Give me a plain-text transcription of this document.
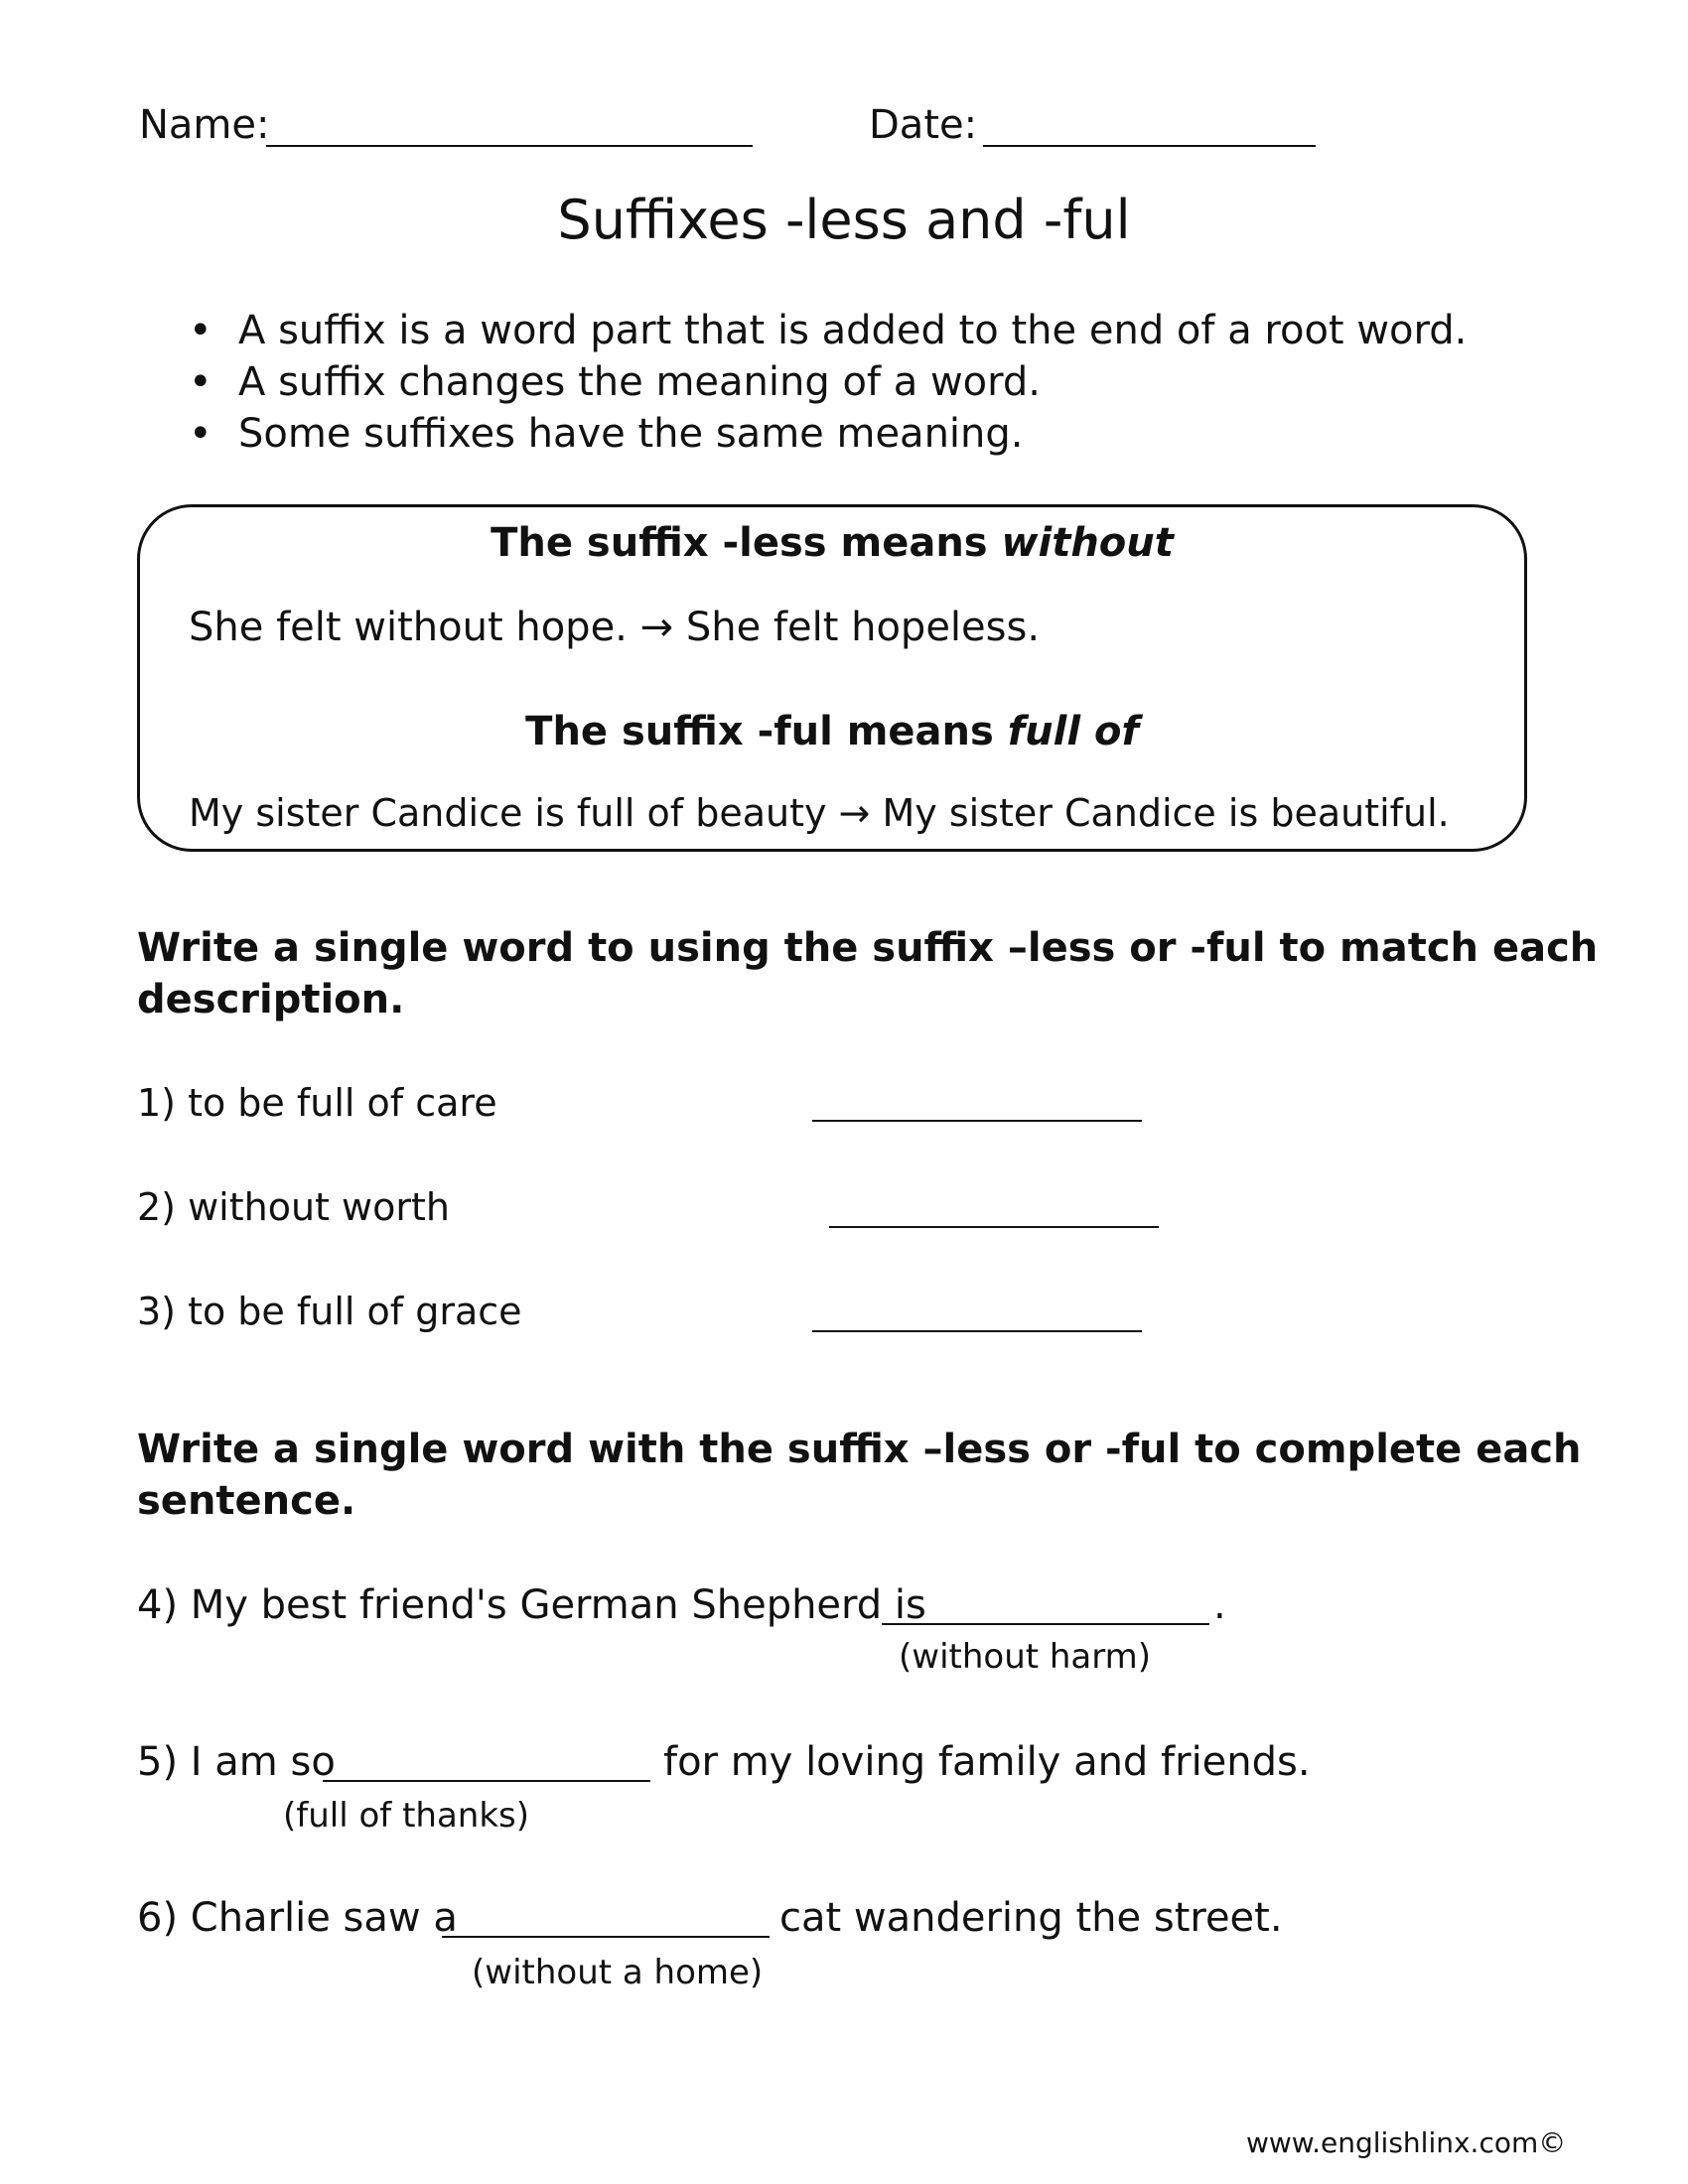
Name:	Date:
Suffixes -less and -ful
• A suffix is a word part that is added to the end of a root word.
• A suffix changes the meaning of a word.
• Some suffixes have the same meaning.
The suffix -less means without
She felt without hope. → She felt hopeless.
The suffix -ful means full of
My sister Candice is full of beauty → My sister Candice is beautiful.
Write a single word to using the suffix –less or -ful to match each
description.
1) to be full of care
2) without worth
3) to be full of grace
Write a single word with the suffix –less or -ful to complete each
sentence.
4) My best friend's German Shepherd is	.
(without harm)
5) I am so	for my loving family and friends.
(full of thanks)
6) Charlie saw a	cat wandering the street.
(without a home)
www.englishlinx.com©
